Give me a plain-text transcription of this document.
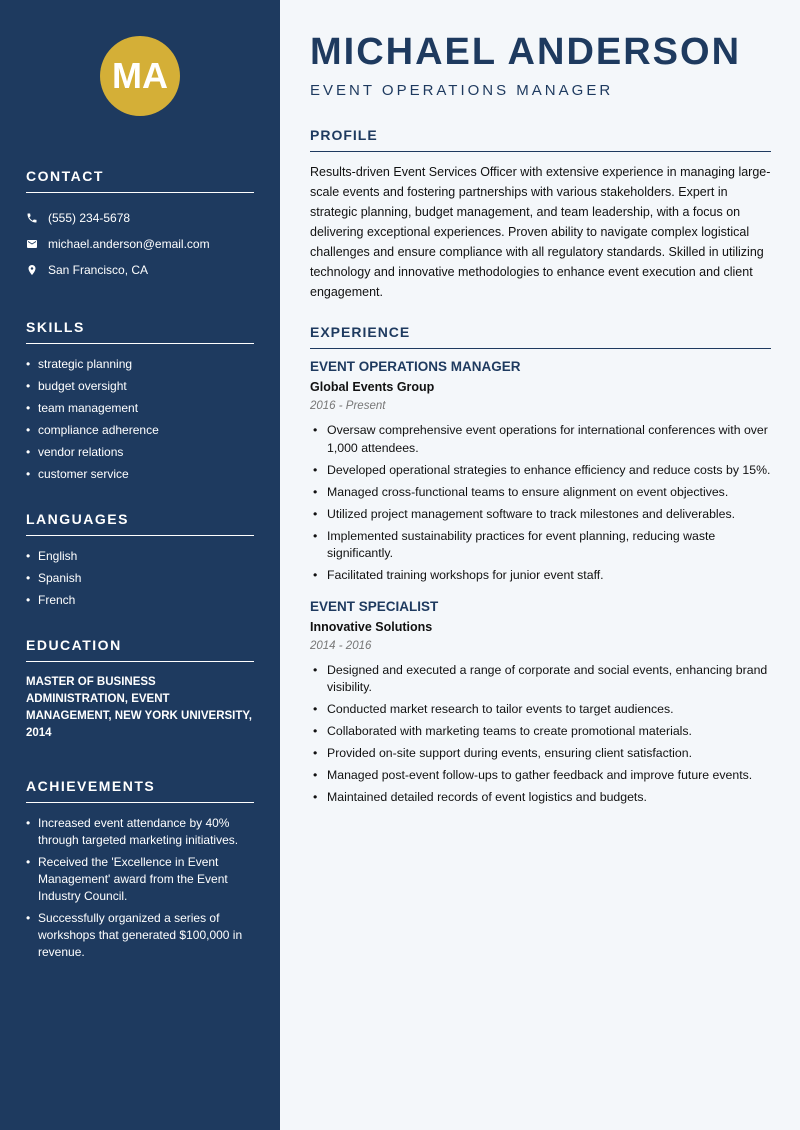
MA
CONTACT
(555) 234-5678
michael.anderson@email.com
San Francisco, CA
SKILLS
• strategic planning
• budget oversight
• team management
• compliance adherence
• vendor relations
• customer service
LANGUAGES
• English
• Spanish
• French
EDUCATION
MASTER OF BUSINESS ADMINISTRATION, EVENT MANAGEMENT, NEW YORK UNIVERSITY, 2014
ACHIEVEMENTS
• Increased event attendance by 40% through targeted marketing initiatives.
• Received the 'Excellence in Event Management' award from the Event Industry Council.
• Successfully organized a series of workshops that generated $100,000 in revenue.
MICHAEL ANDERSON
EVENT OPERATIONS MANAGER
PROFILE

Results-driven Event Services Officer with extensive experience in managing large-scale events and fostering partnerships with various stakeholders. Expert in strategic planning, budget management, and team leadership, with a focus on delivering exceptional experiences. Proven ability to navigate complex logistical challenges and ensure compliance with all regulatory standards. Skilled in utilizing technology and innovative methodologies to enhance event execution and client engagement.

EXPERIENCE
EVENT OPERATIONS MANAGER
Global Events Group
2016 - Present
• Oversaw comprehensive event operations for international conferences with over 1,000 attendees.
• Developed operational strategies to enhance efficiency and reduce costs by 15%.
• Managed cross-functional teams to ensure alignment on event objectives.
• Utilized project management software to track milestones and deliverables.
• Implemented sustainability practices for event planning, reducing waste significantly.
• Facilitated training workshops for junior event staff.
EVENT SPECIALIST
Innovative Solutions
2014 - 2016
• Designed and executed a range of corporate and social events, enhancing brand visibility.
• Conducted market research to tailor events to target audiences.
• Collaborated with marketing teams to create promotional materials.
• Provided on-site support during events, ensuring client satisfaction.
• Managed post-event follow-ups to gather feedback and improve future events.
• Maintained detailed records of event logistics and budgets.
